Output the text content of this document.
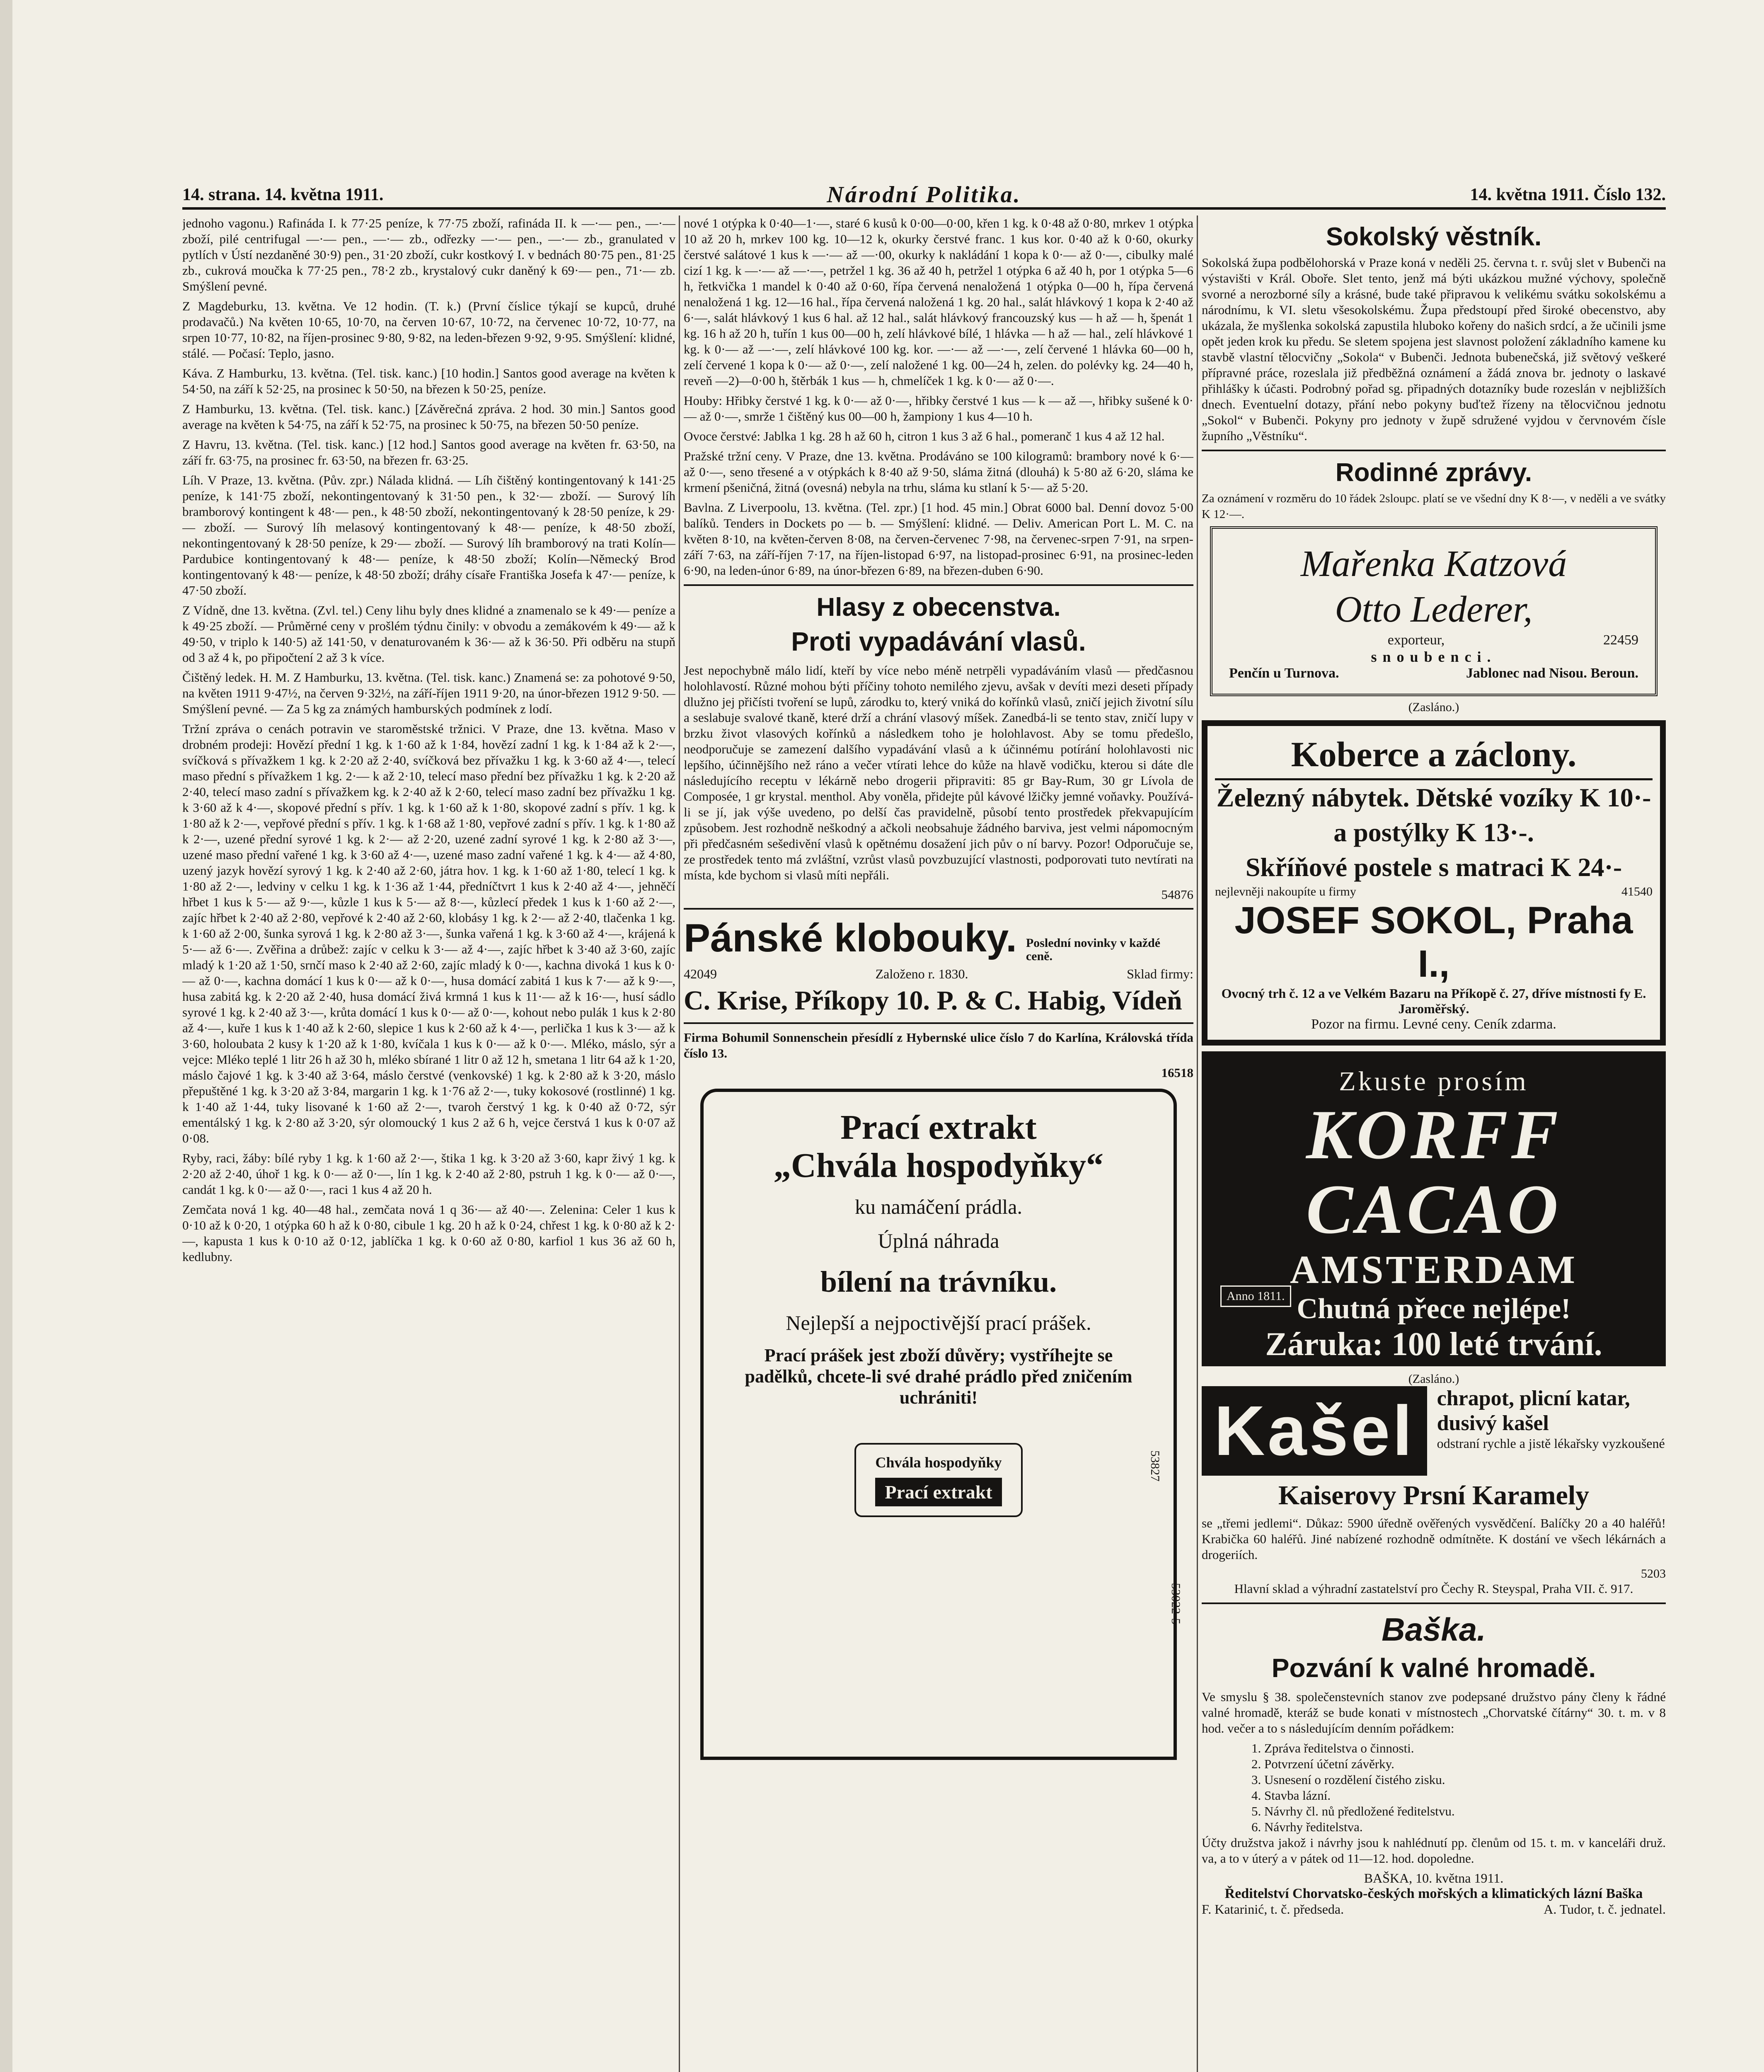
14. strana. 14. května 1911.	Národní Politika.	14. května 1911. Číslo 132.

jednoho vagonu.) Rafináda I. k 77·25 peníze, k 77·75 zboží, rafináda II. k —·— pen., —·— zboží, pilé centrifugal —·— pen., —·— zb., odřezky —·— pen., —·— zb., granulated v pytlích v Ústí nezdaněné 30·9) pen., 31·20 zboží, cukr kostkový I. v bednách 80·75 pen., 81·25 zb., cukrová moučka k 77·25 pen., 78·2 zb., krystalový cukr daněný k 69·— pen., 71·— zb. Smýšlení pevné.

Z Magdeburku, 13. května. Ve 12 hodin. (T. k.) (První číslice týkají se kupců, druhé prodavačů.) Na květen 10·65, 10·70, na červen 10·67, 10·72, na červenec 10·72, 10·77, na srpen 10·77, 10·82, na říjen-prosinec 9·80, 9·82, na leden-březen 9·92, 9·95. Smýšlení: klidné, stálé. — Počasí: Teplo, jasno.

Káva. Z Hamburku, 13. května. (Tel. tisk. kanc.) [10 hodin.] Santos good average na květen k 54·50, na září k 52·25, na prosinec k 50·50, na březen k 50·25, peníze.

Z Hamburku, 13. května. (Tel. tisk. kanc.) [Závěrečná zpráva. 2 hod. 30 min.] Santos good average na květen k 54·75, na září k 52·75, na prosinec k 50·75, na březen 50·50 peníze.

Z Havru, 13. května. (Tel. tisk. kanc.) [12 hod.] Santos good average na květen fr. 63·50, na září fr. 63·75, na prosinec fr. 63·50, na březen fr. 63·25.

Líh. V Praze, 13. května. (Pův. zpr.) Nálada klidná. — Líh čištěný kontingentovaný k 141·25 peníze, k 141·75 zboží, nekontingentovaný k 31·50 pen., k 32·— zboží. — Surový líh bramborový kontingent k 48·— pen., k 48·50 zboží, nekontingentovaný k 28·50 peníze, k 29·— zboží. — Surový líh melasový kontingentovaný k 48·— peníze, k 48·50 zboží, nekontingentovaný k 28·50 peníze, k 29·— zboží. — Surový líh bramborový na trati Kolín—Pardubice kontingentovaný k 48·— peníze, k 48·50 zboží; Kolín—Německý Brod kontingentovaný k 48·— peníze, k 48·50 zboží; dráhy císaře Františka Josefa k 47·— peníze, k 47·50 zboží.

Z Vídně, dne 13. května. (Zvl. tel.) Ceny lihu byly dnes klidné a znamenalo se k 49·— peníze a k 49·25 zboží. — Průměrné ceny v prošlém týdnu činily: v obvodu a zemákovém k 49·— až k 49·50, v triplo k 140·5) až 141·50, v denaturovaném k 36·— až k 36·50. Při odběru na stupň od 3 až 4 k, po připočtení 2 až 3 k více.

Čištěný ledek. H. M. Z Hamburku, 13. května. (Tel. tisk. kanc.) Znamená se: za pohotové 9·50, na květen 1911 9·47½, na červen 9·32½, na září-říjen 1911 9·20, na únor-březen 1912 9·50. — Smýšlení pevné. — Za 5 kg za známých hamburských podmínek z lodí.

Tržní zpráva o cenách potravin ve staroměstské tržnici. V Praze, dne 13. května. Maso v drobném prodeji: Hovězí přední 1 kg. k 1·60 až k 1·84, hovězí zadní 1 kg. k 1·84 až k 2·—, svíčková s přívažkem 1 kg. k 2·20 až 2·40, svíčková bez přívažku 1 kg. k 3·60 až 4·—, telecí maso přední s přívažkem 1 kg. 2·— k až 2·10, telecí maso přední bez přívažku 1 kg. k 2·20 až 2·40, telecí maso zadní s přívažkem kg. k 2·40 až k 2·60, telecí maso zadní bez přívažku 1 kg. k 3·60 až k 4·—, skopové přední s přív. 1 kg. k 1·60 až k 1·80, skopové zadní s přív. 1 kg. k 1·80 až k 2·—, vepřové přední s přív. 1 kg. k 1·68 až 1·80, vepřové zadní s přív. 1 kg. k 1·80 až k 2·—, uzené přední syrové 1 kg. k 2·— až 2·20, uzené zadní syrové 1 kg. k 2·80 až 3·—, uzené maso přední vařené 1 kg. k 3·60 až 4·—, uzené maso zadní vařené 1 kg. k 4·— až 4·80, uzený jazyk hovězí syrový 1 kg. k 2·40 až 2·60, játra hov. 1 kg. k 1·60 až 1·80, telecí 1 kg. k 1·80 až 2·—, ledviny v celku 1 kg. k 1·36 až 1·44, předníčtvrt 1 kus k 2·40 až 4·—, jehněčí hřbet 1 kus k 5·— až 9·—, kůzle 1 kus k 5·— až 8·—, kůzlecí předek 1 kus k 1·60 až 2·—, zajíc hřbet k 2·40 až 2·80, vepřové k 2·40 až 2·60, klobásy 1 kg. k 2·— až 2·40, tlačenka 1 kg. k 1·60 až 2·00, šunka syrová 1 kg. k 2·80 až 3·—, šunka vařená 1 kg. k 3·60 až 4·—, krájená k 5·— až 6·—. Zvěřina a drůbež: zajíc v celku k 3·— až 4·—, zajíc hřbet k 3·40 až 3·60, zajíc mladý k 1·20 až 1·50, srnčí maso k 2·40 až 2·60, zajíc mladý k 0·—, kachna divoká 1 kus k 0·— až 0·—, kachna domácí 1 kus k 0·— až k 0·—, husa domácí zabitá 1 kus k 7·— až k 9·—, husa zabitá kg. k 2·20 až 2·40, husa domácí živá krmná 1 kus k 11·— až k 16·—, husí sádlo syrové 1 kg. k 2·40 až 3·—, krůta domácí 1 kus k 0·— až 0·—, kohout nebo pulák 1 kus k 2·80 až 4·—, kuře 1 kus k 1·40 až k 2·60, slepice 1 kus k 2·60 až k 4·—, perlička 1 kus k 3·— až k 3·60, holoubata 2 kusy k 1·20 až k 1·80, kvíčala 1 kus k 0·— až k 0·—. Mléko, máslo, sýr a vejce: Mléko teplé 1 litr 26 h až 30 h, mléko sbírané 1 litr 0 až 12 h, smetana 1 litr 64 až k 1·20, máslo čajové 1 kg. k 3·40 až 3·64, máslo čerstvé (venkovské) 1 kg. k 2·80 až k 3·20, máslo přepuštěné 1 kg. k 3·20 až 3·84, margarin 1 kg. k 1·76 až 2·—, tuky kokosové (rostlinné) 1 kg. k 1·40 až 1·44, tuky lisované k 1·60 až 2·—, tvaroh čerstvý 1 kg. k 0·40 až 0·72, sýr ementálský 1 kg. k 2·80 až 3·20, sýr olomoucký 1 kus 2 až 6 h, vejce čerstvá 1 kus k 0·07 až 0·08.

Ryby, raci, žáby: bílé ryby 1 kg. k 1·60 až 2·—, štika 1 kg. k 3·20 až 3·60, kapr živý 1 kg. k 2·20 až 2·40, úhoř 1 kg. k 0·— až 0·—, lín 1 kg. k 2·40 až 2·80, pstruh 1 kg. k 0·— až 0·—, candát 1 kg. k 0·— až 0·—, raci 1 kus 4 až 20 h.

Zemčata nová 1 kg. 40—48 hal., zemčata nová 1 q 36·— až 40·—. Zelenina: Celer 1 kus k 0·10 až k 0·20, 1 otýpka 60 h až k 0·80, cibule 1 kg. 20 h až k 0·24, chřest 1 kg. k 0·80 až k 2·—, kapusta 1 kus k 0·10 až 0·12, jablíčka 1 kg. k 0·60 až 0·80, karfiol 1 kus 36 až 60 h, kedlubny.

nové 1 otýpka k 0·40—1·—, staré 6 kusů k 0·00—0·00, křen 1 kg. k 0·48 až 0·80, mrkev 1 otýpka 10 až 20 h, mrkev 100 kg. 10—12 k, okurky čerstvé franc. 1 kus kor. 0·40 až k 0·60, okurky čerstvé salátové 1 kus k —·— až —·00, okurky k nakládání 1 kopa k 0·— až 0·—, cibulky malé cizí 1 kg. k —·— až —·—, petržel 1 kg. 36 až 40 h, petržel 1 otýpka 6 až 40 h, por 1 otýpka 5—6 h, řetkvička 1 mandel k 0·40 až 0·60, řípa červená nenaložená 1 otýpka 0—00 h, řípa červená nenaložená 1 kg. 12—16 hal., řípa červená naložená 1 kg. 20 hal., salát hlávkový 1 kopa k 2·40 až 6·—, salát hlávkový 1 kus 6 hal. až 12 hal., salát hlávkový francouzský kus — h až — h, špenát 1 kg. 16 h až 20 h, tuřín 1 kus 00—00 h, zelí hlávkové bílé, 1 hlávka — h až — hal., zelí hlávkové 1 kg. k 0·— až —·—, zelí hlávkové 100 kg. kor. —·— až —·—, zelí červené 1 hlávka 60—00 h, zelí červené 1 kopa k 0·— až 0·—, zelí naložené 1 kg. 00—24 h, zelen. do polévky kg. 24—40 h, reveň —2)—0·00 h, štěrbák 1 kus — h, chmelíček 1 kg. k 0·— až 0·—.

Houby: Hřibky čerstvé 1 kg. k 0·— až 0·—, hřibky čerstvé 1 kus — k — až —, hřibky sušené k 0·— až 0·—, smrže 1 čištěný kus 00—00 h, žampiony 1 kus 4—10 h.

Ovoce čerstvé: Jablka 1 kg. 28 h až 60 h, citron 1 kus 3 až 6 hal., pomeranč 1 kus 4 až 12 hal.

Pražské tržní ceny. V Praze, dne 13. května. Prodáváno se 100 kilogramů: brambory nové k 6·— až 0·—, seno třesené a v otýpkách k 8·40 až 9·50, sláma žitná (dlouhá) k 5·80 až 6·20, sláma ke krmení pšeničná, žitná (ovesná) nebyla na trhu, sláma ku stlaní k 5·— až 5·20.

Bavlna. Z Liverpoolu, 13. května. (Tel. zpr.) [1 hod. 45 min.] Obrat 6000 bal. Denní dovoz 5·00 balíků. Tenders in Dockets po — b. — Smýšlení: klidné. — Deliv. American Port L. M. C. na květen 8·10, na květen-červen 8·08, na červen-červenec 7·98, na červenec-srpen 7·91, na srpen-září 7·63, na září-říjen 7·17, na říjen-listopad 6·97, na listopad-prosinec 6·91, na prosinec-leden 6·90, na leden-únor 6·89, na únor-březen 6·89, na březen-duben 6·90.

Hlasy z obecenstva.
Proti vypadávání vlasů.

Jest nepochybně málo lidí, kteří by více nebo méně netrpěli vypadáváním vlasů — předčasnou holohlavostí. Různé mohou býti příčiny tohoto nemilého zjevu, avšak v devíti mezi deseti případy dlužno jej přičísti tvoření se lupů, zárodku to, který vniká do kořínků vlasů, zničí jejich životní sílu a seslabuje svalové tkaně, které drží a chrání vlasový míšek. Zanedbá-li se tento stav, zničí lupy v brzku život vlasových kořínků a následkem toho je holohlavost. Aby se tomu předešlo, neodporučuje se zamezení dalšího vypadávání vlasů a k účinnému potírání holohlavosti nic lepšího, účinnějšího než ráno a večer vtírati lehce do kůže na hlavě vodičku, kterou si dáte dle následujícího receptu v lékárně nebo drogerii připraviti: 85 gr Bay-Rum, 30 gr Lívola de Composée, 1 gr krystal. menthol. Aby voněla, přidejte půl kávové lžičky jemné voňavky. Používá-li se jí, jak výše uvedeno, po delší čas pravidelně, působí tento prostředek překvapujícím způsobem. Jest rozhodně neškodný a ačkoli neobsahuje žádného barviva, jest velmi nápomocným při předčasném sešedivění vlasů k opětnému dosažení jich pův o ní barvy. Pozor! Odporučuje se, ze prostředek tento má zvláštní, vzrůst vlasů povzbuzující vlastnosti, podporovati tuto nevtírati na místa, kde bychom si vlasů míti nepřáli.

54876
Pánské klobouky. Poslední novinky v každé ceně.
42049	Založeno r. 1830.	Sklad firmy:
C. Krise, Příkopy 10. P. & C. Habig, Vídeň

Firma Bohumil Sonnenschein přesídlí z Hybernské ulice číslo 7 do Karlína, Královská třída číslo 13.

16518
Prací extrakt
„Chvála hospodyňky“
ku namáčení prádla.
Úplná náhrada
bílení na trávníku.
Nejlepší a nejpoctivější prací prášek.
Prací prášek jest zboží důvěry; vystříhejte se padělků, chcete-li své drahé prádlo před zničením uchrániti!
Chvála hospodyňky
Prací extrakt
53022-5
Sokolský věstník.

Sokolská župa podbělohorská v Praze koná v neděli 25. června t. r. svůj slet v Bubenči na výstavišti v Král. Oboře. Slet tento, jenž má býti ukázkou mužné výchovy, společně svorné a nerozborné síly a krásné, bude také připravou k velikému svátku sokolskému a národnímu, k VI. sletu všesokolskému. Župa předstoupí před široké obecenstvo, aby ukázala, že myšlenka sokolská zapustila hluboko kořeny do našich srdcí, a že učinili jsme opět jeden krok ku předu. Se sletem spojena jest slavnost položení základního kamene ku stavbě vlastní tělocvičny „Sokola“ v Bubenči. Jednota bubenečská, již světový veškeré přípravné práce, rozeslala již předběžná oznámení a žádá znova br. jednoty o laskavé přihlášky k účasti. Podrobný pořad sg. připadných dotazníky bude rozeslán v nejbližších dnech. Eventuelní dotazy, přání nebo pokyny buďtež řízeny na tělocvičnou jednotu „Sokol“ v Bubenči. Pokyny pro jednoty v župě sdružené vyjdou v červnovém čísle župního „Věstníku“.

Rodinné zprávy.

Za oznámení v rozměru do 10 řádek 2sloupc. platí se ve všední dny K 8·—, v neděli a ve svátky K 12·—.

Mařenka Katzová
Otto Lederer,
exporteur,	22459
snoubenci.
Penčín u Turnova.	Jablonec nad Nisou. Beroun.
(Zasláno.)
Koberce a záclony.
Železný nábytek. Dětské vozíky K 10·- a postýlky K 13·-.
Skříňové postele s matraci K 24·-
nejlevněji nakoupíte u firmy	41540
JOSEF SOKOL, Praha I.,
Ovocný trh č. 12 a ve Velkém Bazaru na Příkopě č. 27, dříve místnosti fy E. Jaroměřský.
Pozor na firmu. Levné ceny. Ceník zdarma.
Zkuste prosím
KORFF CACAO
AMSTERDAM
Chutná přece nejlépe!
Záruka: 100 leté trvání.
Anno 1811.
(Zasláno.)
Kašel	chrapot, plicní katar, dusivý kašel
odstraní rychle a jistě lékařsky vyzkoušené
Kaiserovy Prsní Karamely

se „třemi jedlemi“. Důkaz: 5900 úředně ověřených vysvědčení. Balíčky 20 a 40 haléřů! Krabička 60 haléřů. Jiné nabízené rozhodně odmítněte. K dostání ve všech lékárnách a drogeriích.

5203

Hlavní sklad a výhradní zastatelství pro Čechy R. Steyspal, Praha VII. č. 917.

Baška.
Pozvání k valné hromadě.

Ve smyslu § 38. společenstevních stanov zve podepsané družstvo pány členy k řádné valné hromadě, kteráž se bude konati v místnostech „Chorvatské čítárny“ 30. t. m. v 8 hod. večer a to s následujícím denním pořádkem:

1. Zpráva ředitelstva o činnosti.
2. Potvrzení účetní závěrky.
3. Usnesení o rozdělení čistého zisku.
4. Stavba lázní.
5. Návrhy čl. nů předložené ředitelstvu.
6. Návrhy ředitelstva.

Účty družstva jakož i návrhy jsou k nahlédnutí pp. členům od 15. t. m. v kanceláři druž. va, a to v úterý a v pátek od 11—12. hod. dopoledne.

BAŠKA, 10. května 1911.
Ředitelství Chorvatsko-českých mořských a klimatických lázní Baška
F. Katarinić, t. č. předseda.	A. Tudor, t. č. jednatel.
53827
